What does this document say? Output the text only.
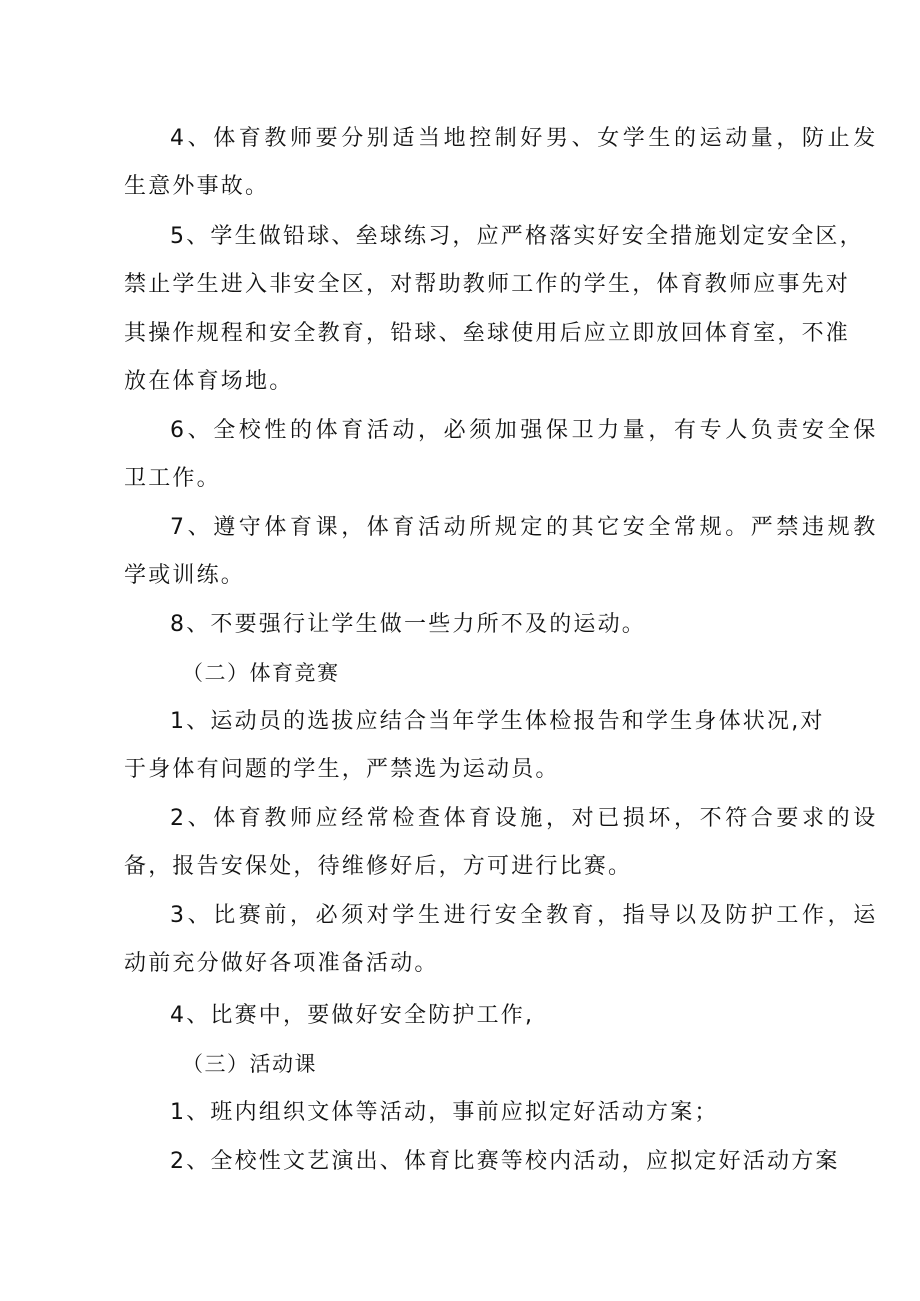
4、体育教师要分别适当地控制好男、女学生的运动量，防止发
生意外事故。
5、学生做铅球、垒球练习，应严格落实好安全措施划定安全区，
禁止学生进入非安全区，对帮助教师工作的学生，体育教师应事先对
其操作规程和安全教育，铅球、垒球使用后应立即放回体育室，不准
放在体育场地。
6、全校性的体育活动，必须加强保卫力量，有专人负责安全保
卫工作。
7、遵守体育课，体育活动所规定的其它安全常规。严禁违规教
学或训练。
8、不要强行让学生做一些力所不及的运动。
（二）体育竞赛
1、运动员的选拔应结合当年学生体检报告和学生身体状况,对
于身体有问题的学生，严禁选为运动员。
2、体育教师应经常检查体育设施，对已损坏，不符合要求的设
备，报告安保处，待维修好后，方可进行比赛。
3、比赛前，必须对学生进行安全教育，指导以及防护工作，运
动前充分做好各项准备活动。
4、比赛中，要做好安全防护工作,
（三）活动课
1、班内组织文体等活动，事前应拟定好活动方案；
2、全校性文艺演出、体育比赛等校内活动，应拟定好活动方案
